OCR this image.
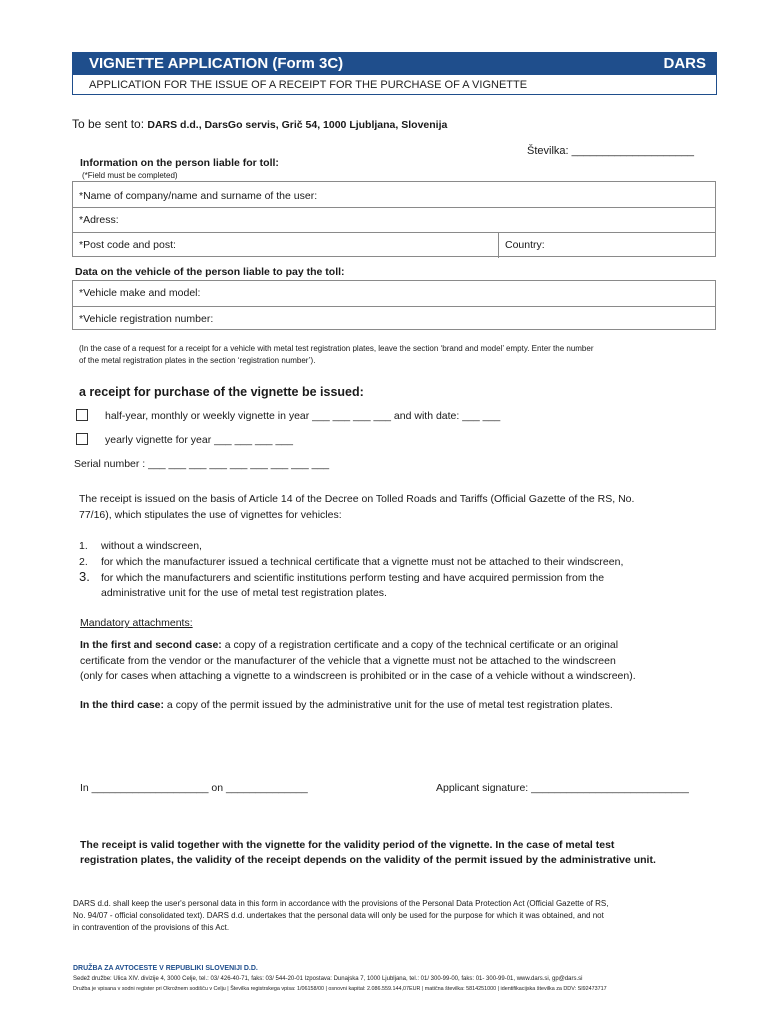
VIGNETTE APPLICATION (Form 3C)	DARS
APPLICATION FOR THE ISSUE OF A RECEIPT FOR THE PURCHASE OF A VIGNETTE
To be sent to: DARS d.d., DarsGo servis, Grič 54, 1000 Ljubljana, Slovenija
Številka: ____________________
Information on the person liable for toll:
(*Field must be completed)
*Name of company/name and surname of the user:
*Adress:
*Post code and post:	Country:
Data on the vehicle of the person liable to pay the toll:
*Vehicle make and model:
*Vehicle registration number:
(In the case of a request for a receipt for a vehicle with metal test registration plates, leave the section ‘brand and model’ empty. Enter the number
of the metal registration plates in the section ‘registration number’).
a receipt for purchase of the vignette be issued:
half-year, monthly or weekly vignette in year ___ ___ ___ ___ and with date: ___ ___
yearly vignette for year ___ ___ ___ ___
Serial number : ___ ___ ___ ___ ___ ___ ___ ___ ___
The receipt is issued on the basis of Article 14 of the Decree on Tolled Roads and Tariffs (Official Gazette of the RS, No.
77/16), which stipulates the use of vignettes for vehicles:
1. without a windscreen,
2. for which the manufacturer issued a technical certificate that a vignette must not be attached to their windscreen,
3. for which the manufacturers and scientific institutions perform testing and have acquired permission from the
administrative unit for the use of metal test registration plates.
Mandatory attachments:
In the first and second case: a copy of a registration certificate and a copy of the technical certificate or an original
certificate from the vendor or the manufacturer of the vehicle that a vignette must not be attached to the windscreen
(only for cases when attaching a vignette to a windscreen is prohibited or in the case of a vehicle without a windscreen).
In the third case: a copy of the permit issued by the administrative unit for the use of metal test registration plates.
In ____________________ on ______________	Applicant signature: ___________________________
The receipt is valid together with the vignette for the validity period of the vignette. In the case of metal test
registration plates, the validity of the receipt depends on the validity of the permit issued by the administrative unit.
DARS d.d. shall keep the user's personal data in this form in accordance with the provisions of the Personal Data Protection Act (Official Gazette of RS,
No. 94/07 - official consolidated text). DARS d.d. undertakes that the personal data will only be used for the purpose for which it was obtained, and not
in contravention of the provisions of this Act.
DRUŽBA ZA AVTOCESTE V REPUBLIKI SLOVENIJI D.D.
Sedež družbe: Ulica XIV. divizije 4, 3000 Celje, tel.: 03/ 426-40-71, faks: 03/ 544-20-01 Izpostava: Dunajska 7, 1000 Ljubljana, tel.: 01/ 300-99-00, faks: 01- 300-99-01, www.dars.si, gp@dars.si
Družba je vpisana v sodni register pri Okrožnem sodišču v Celju | Številka registrskega vpisa: 1/06158/00 | osnovni kapital: 2.086.559.144,07EUR | matična številka: 5814251000 | identifikacijska številka za DDV: SI92473717
